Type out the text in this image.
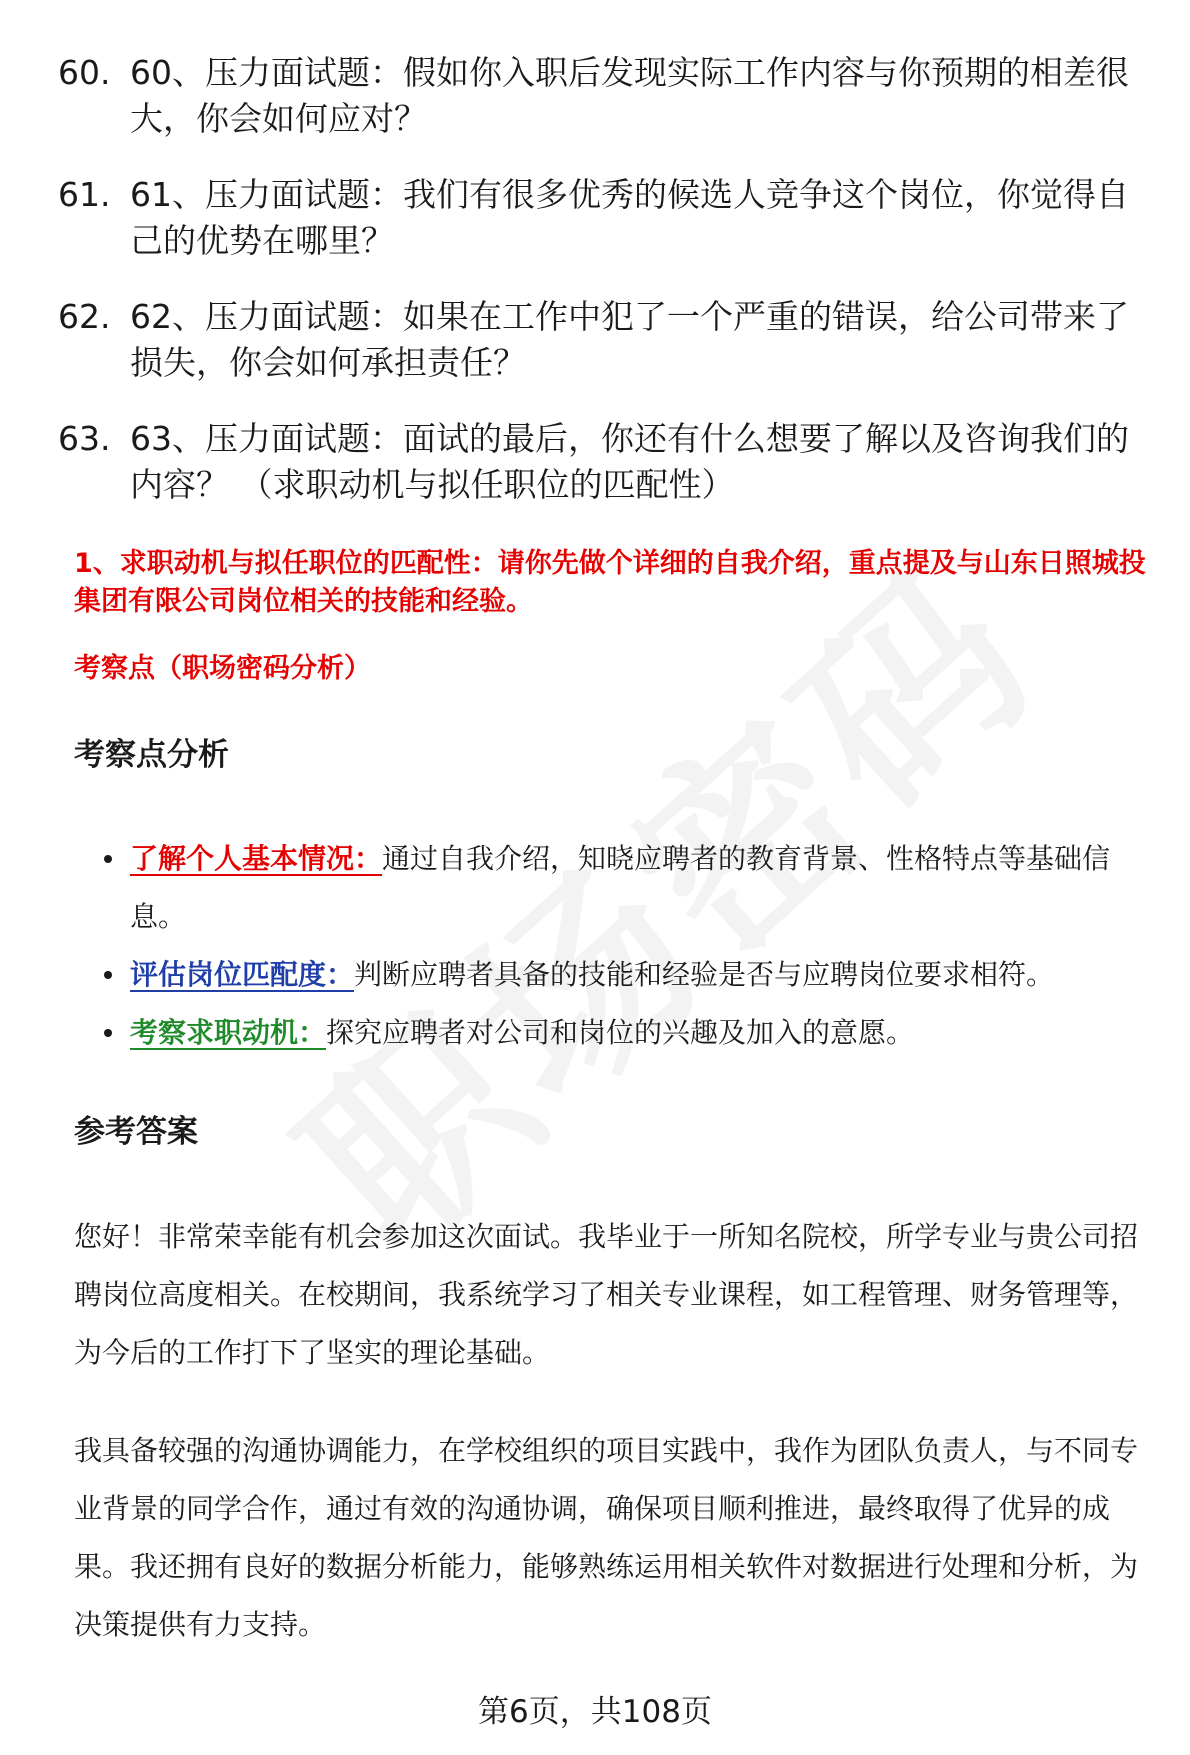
60. 60、压力面试题：假如你入职后发现实际工作内容与你预期的相差很大，你会如何应对？
61. 61、压力面试题：我们有很多优秀的候选人竞争这个岗位，你觉得自己的优势在哪里？
62. 62、压力面试题：如果在工作中犯了一个严重的错误，给公司带来了损失，你会如何承担责任？
63. 63、压力面试题：面试的最后，你还有什么想要了解以及咨询我们的内容？ （求职动机与拟任职位的匹配性）
1、求职动机与拟任职位的匹配性：请你先做个详细的自我介绍，重点提及与山东日照城投集团有限公司岗位相关的技能和经验。
考察点（职场密码分析）
考察点分析
了解个人基本情况：通过自我介绍，知晓应聘者的教育背景、性格特点等基础信息。
评估岗位匹配度：判断应聘者具备的技能和经验是否与应聘岗位要求相符。
考察求职动机：探究应聘者对公司和岗位的兴趣及加入的意愿。
参考答案
您好！非常荣幸能有机会参加这次面试。我毕业于一所知名院校，所学专业与贵公司招聘岗位高度相关。在校期间，我系统学习了相关专业课程，如工程管理、财务管理等，为今后的工作打下了坚实的理论基础。
我具备较强的沟通协调能力，在学校组织的项目实践中，我作为团队负责人，与不同专业背景的同学合作，通过有效的沟通协调，确保项目顺利推进，最终取得了优异的成果。我还拥有良好的数据分析能力，能够熟练运用相关软件对数据进行处理和分析，为决策提供有力支持。
第6页，共108页
